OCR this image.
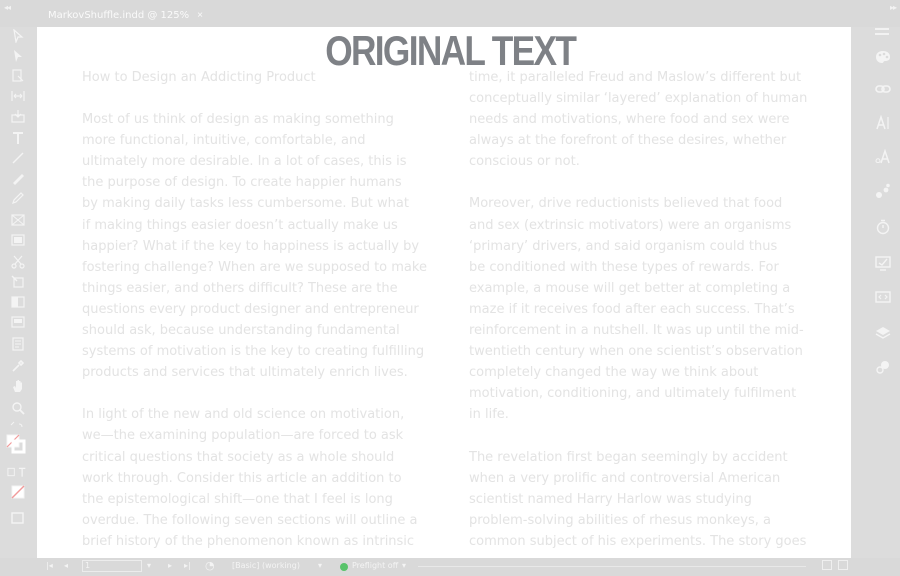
◂◂	▸▸
MarkovShuffle.indd @ 125% ×
ORIGINAL TEXT
How to Design an Addicting Product
Most of us think of design as making something
more functional, intuitive, comfortable, and
ultimately more desirable. In a lot of cases, this is
the purpose of design. To create happier humans
by making daily tasks less cumbersome. But what
if making things easier doesn’t actually make us
happier? What if the key to happiness is actually by
fostering challenge? When are we supposed to make
things easier, and others difficult? These are the
questions every product designer and entrepreneur
should ask, because understanding fundamental
systems of motivation is the key to creating fulfilling
products and services that ultimately enrich lives.
In light of the new and old science on motivation,
we—the examining population—are forced to ask
critical questions that society as a whole should
work through. Consider this article an addition to
the epistemological shift—one that I feel is long
overdue. The following seven sections will outline a
brief history of the phenomenon known as intrinsic
time, it paralleled Freud and Maslow’s different but
conceptually similar ‘layered’ explanation of human
needs and motivations, where food and sex were
always at the forefront of these desires, whether
conscious or not.
Moreover, drive reductionists believed that food
and sex (extrinsic motivators) were an organisms
‘primary’ drivers, and said organism could thus
be conditioned with these types of rewards. For
example, a mouse will get better at completing a
maze if it receives food after each success. That’s
reinforcement in a nutshell. It was up until the mid-
twentieth century when one scientist’s observation
completely changed the way we think about
motivation, conditioning, and ultimately fulfilment
in life.
The revelation first began seemingly by accident
when a very prolific and controversial American
scientist named Harry Harlow was studying
problem-solving abilities of rhesus monkeys, a
common subject of his experiments. The story goes
|◂ ◂	1	▾ ▸ ▸| ◔ [Basic] (working) ▾	Preflight off ▾
